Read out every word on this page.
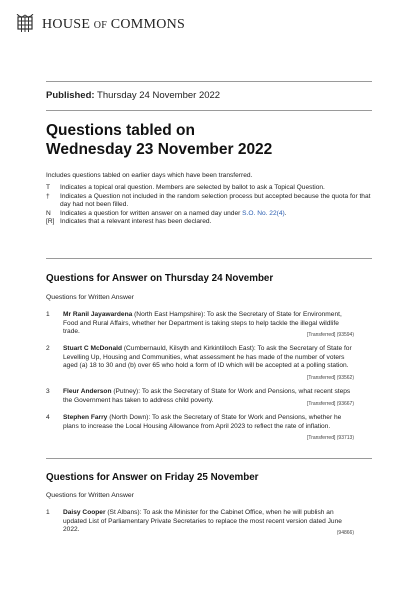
HOUSE OF COMMONS
Published: Thursday 24 November 2022
Questions tabled on
Wednesday 23 November 2022
Includes questions tabled on earlier days which have been transferred.
T	Indicates a topical oral question. Members are selected by ballot to ask a Topical Question.
†	Indicates a Question not included in the random selection process but accepted because the quota for that day had not been filled.
N	Indicates a question for written answer on a named day under S.O. No. 22(4).
[R] Indicates that a relevant interest has been declared.
Questions for Answer on Thursday 24 November
Questions for Written Answer
1	Mr Ranil Jayawardena (North East Hampshire): To ask the Secretary of State for Environment, Food and Rural Affairs, whether her Department is taking steps to help tackle the illegal wildlife trade.	[Transferred] (93594)
2	Stuart C McDonald (Cumbernauld, Kilsyth and Kirkintilloch East): To ask the Secretary of State for Levelling Up, Housing and Communities, what assessment he has made of the number of voters aged (a) 18 to 30 and (b) over 65 who hold a form of ID which will be accepted at a polling station.
[Transferred] (93562)
3	Fleur Anderson (Putney): To ask the Secretary of State for Work and Pensions, what recent steps the Government has taken to address child poverty.	[Transferred] (93667)
4	Stephen Farry (North Down): To ask the Secretary of State for Work and Pensions, whether he plans to increase the Local Housing Allowance from April 2023 to reflect the rate of inflation.
[Transferred] (93713)
Questions for Answer on Friday 25 November
Questions for Written Answer
1	Daisy Cooper (St Albans): To ask the Minister for the Cabinet Office, when he will publish an updated List of Parliamentary Private Secretaries to replace the most recent version dated June 2022.	(94866)
